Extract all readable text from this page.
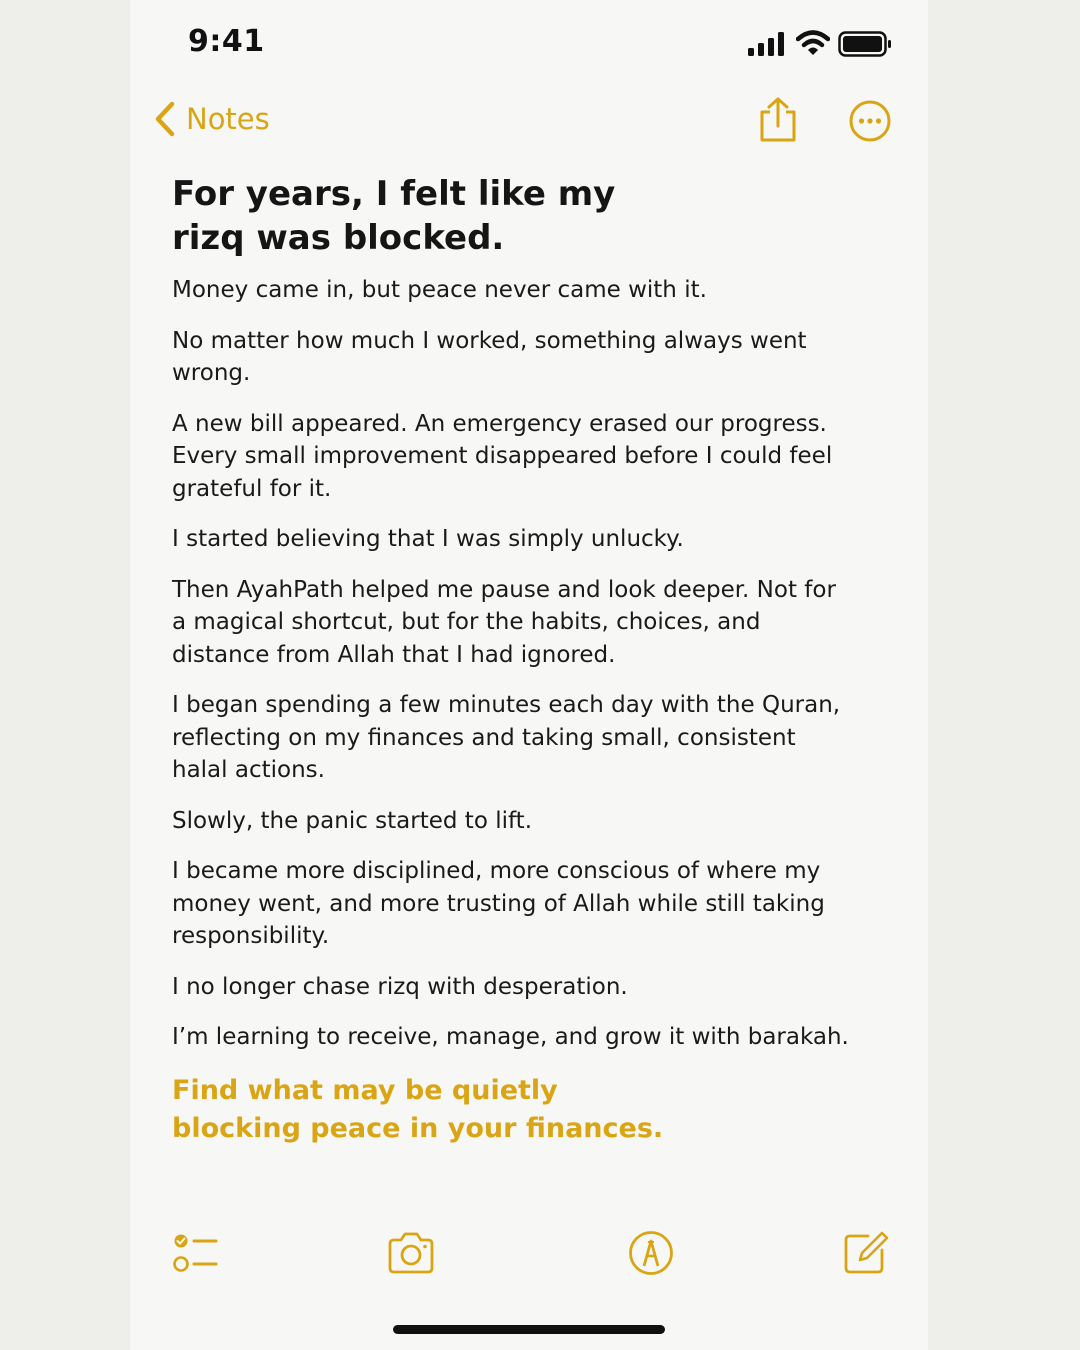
9:41
Notes
For years, I felt like my rizq was blocked.

Money came in, but peace never came with it.

No matter how much I worked, something always went wrong.

A new bill appeared. An emergency erased our progress. Every small improvement disappeared before I could feel grateful for it.

I started believing that I was simply unlucky.

Then AyahPath helped me pause and look deeper. Not for a magical shortcut, but for the habits, choices, and distance from Allah that I had ignored.

I began spending a few minutes each day with the Quran, reflecting on my finances and taking small, consistent halal actions.

Slowly, the panic started to lift.

I became more disciplined, more conscious of where my money went, and more trusting of Allah while still taking responsibility.

I no longer chase rizq with desperation.

I’m learning to receive, manage, and grow it with barakah.

Find what may be quietly blocking peace in your finances.
